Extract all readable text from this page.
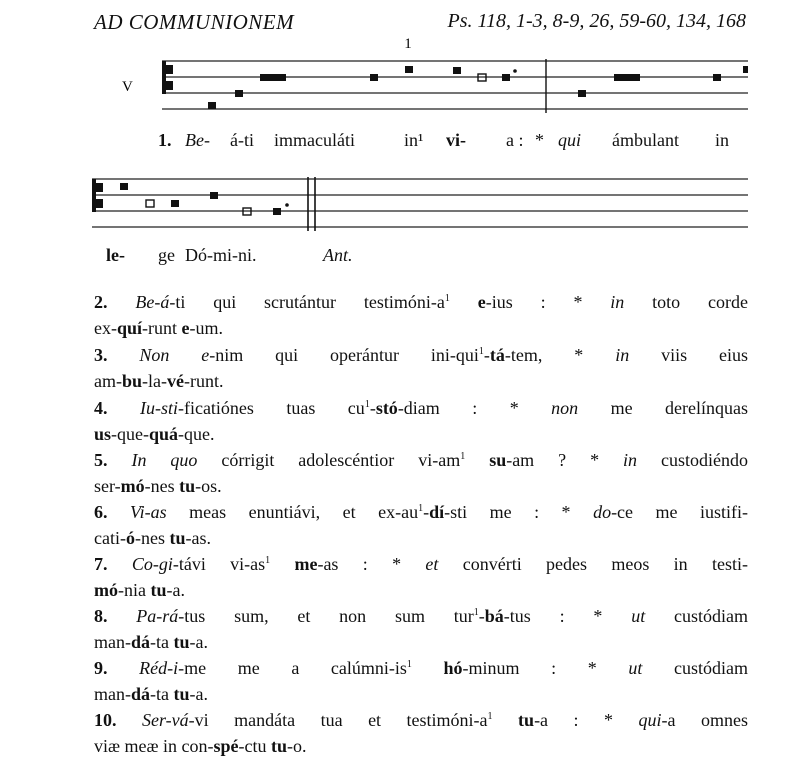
AD COMMUNIONEM	Ps. 118, 1-3, 8-9, 26, 59-60, 134, 168
1
V
1. Be- á-ti immaculáti	in¹ vi- a : * qui ámbulant in
le- ge Dó-mi-ni.	Ant.
2. Be-á-ti qui scrutántur testimóni-$a^1$ e-ius : * in toto corde
ex-quí-runt e-um.
3. Non e-nim qui operántur ini-qui$^1$-tá-tem, * in viis eius
am-bu-la-vé-runt.
4. Iu-sti-ficatiónes tuas $cu^1-stó$-diam : * non me derelínquas
us-que-quá-que.
5. In quo córrigit adolescéntior $vi-am^1$ su-am ? * in custodiéndo
ser-mó-nes tu-os.
6. Vi-as meas enuntiávi, et $ex-au^1-dí$-sti me : * do-ce me iustifi-
cati-ó-nes tu-as.
7. Co-gi-távi $vi-as^1$ me-as : * et convérti pedes meos in testi-
mó-nia tu-a.
8. Pa-rá-tus sum, et non sum tur$^1$-bá-tus : * ut custódiam
man-dá-ta tu-a.
9. Réd-i-me me a calúmni-$is^1$ hó-minum : * ut custódiam
man-dá-ta tu-a.
10. Ser-vá-vi mandáta tua et testimóni-$a^1$ tu-a : * qui-a omnes
viæ meæ in con-spé-ctu tu-o.
